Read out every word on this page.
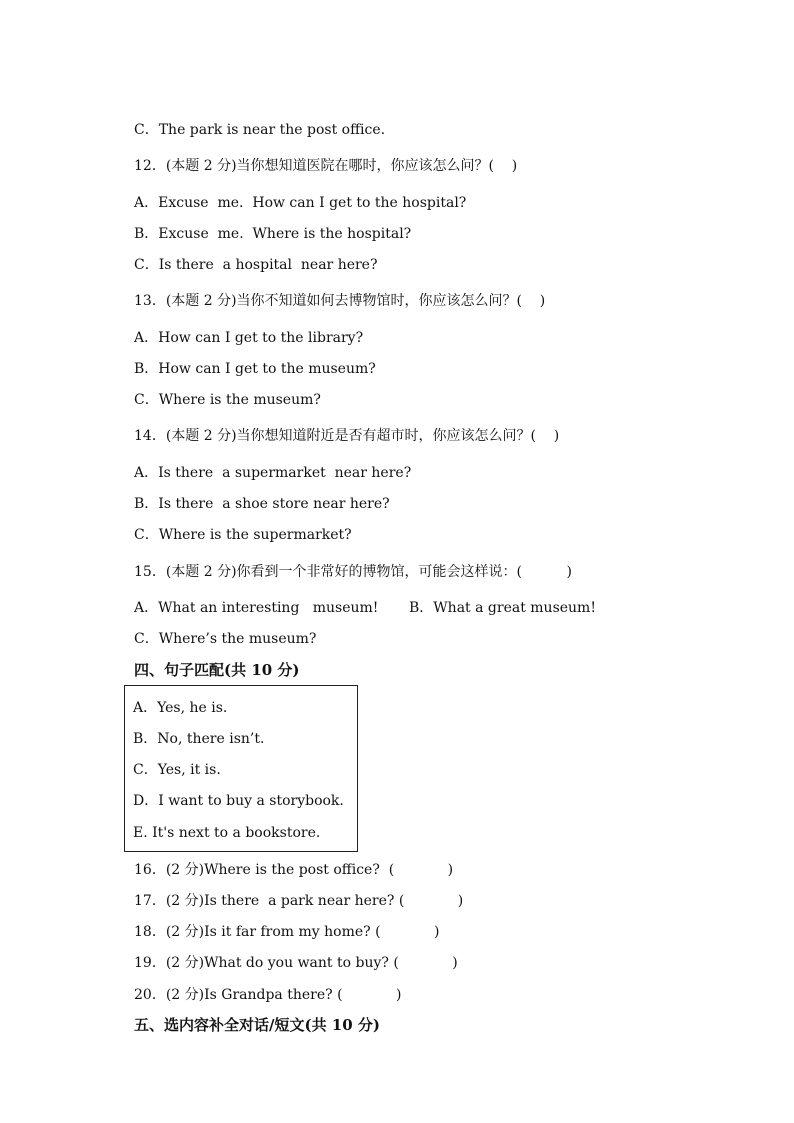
C．The park is near the post office.
12．(本题 2 分)当你想知道医院在哪时，你应该怎么问？(    )
A．Excuse  me.  How can I get to the hospital?
B．Excuse  me.  Where is the hospital?
C．Is there  a hospital  near here?
13．(本题 2 分)当你不知道如何去博物馆时，你应该怎么问？(    )
A．How can I get to the library?
B．How can I get to the museum?
C．Where is the museum?
14．(本题 2 分)当你想知道附近是否有超市时，你应该怎么问？(    )
A．Is there  a supermarket  near here?
B．Is there  a shoe store near here?
C．Where is the supermarket?
15．(本题 2 分)你看到一个非常好的博物馆，可能会这样说：(          )
A．What an interesting   museum! B．What a great museum!
C．Where’s the museum?
四、句子匹配(共 10 分)
A．Yes, he is.
B．No, there isn’t.
C．Yes, it is.
D．I want to buy a storybook.
E. It's next to a bookstore.
16．(2 分)Where is the post office?  (            )
17．(2 分)Is there  a park near here? (            )
18．(2 分)Is it far from my home? (            )
19．(2 分)What do you want to buy? (            )
20．(2 分)Is Grandpa there? (            )
五、选内容补全对话/短文(共 10 分)
